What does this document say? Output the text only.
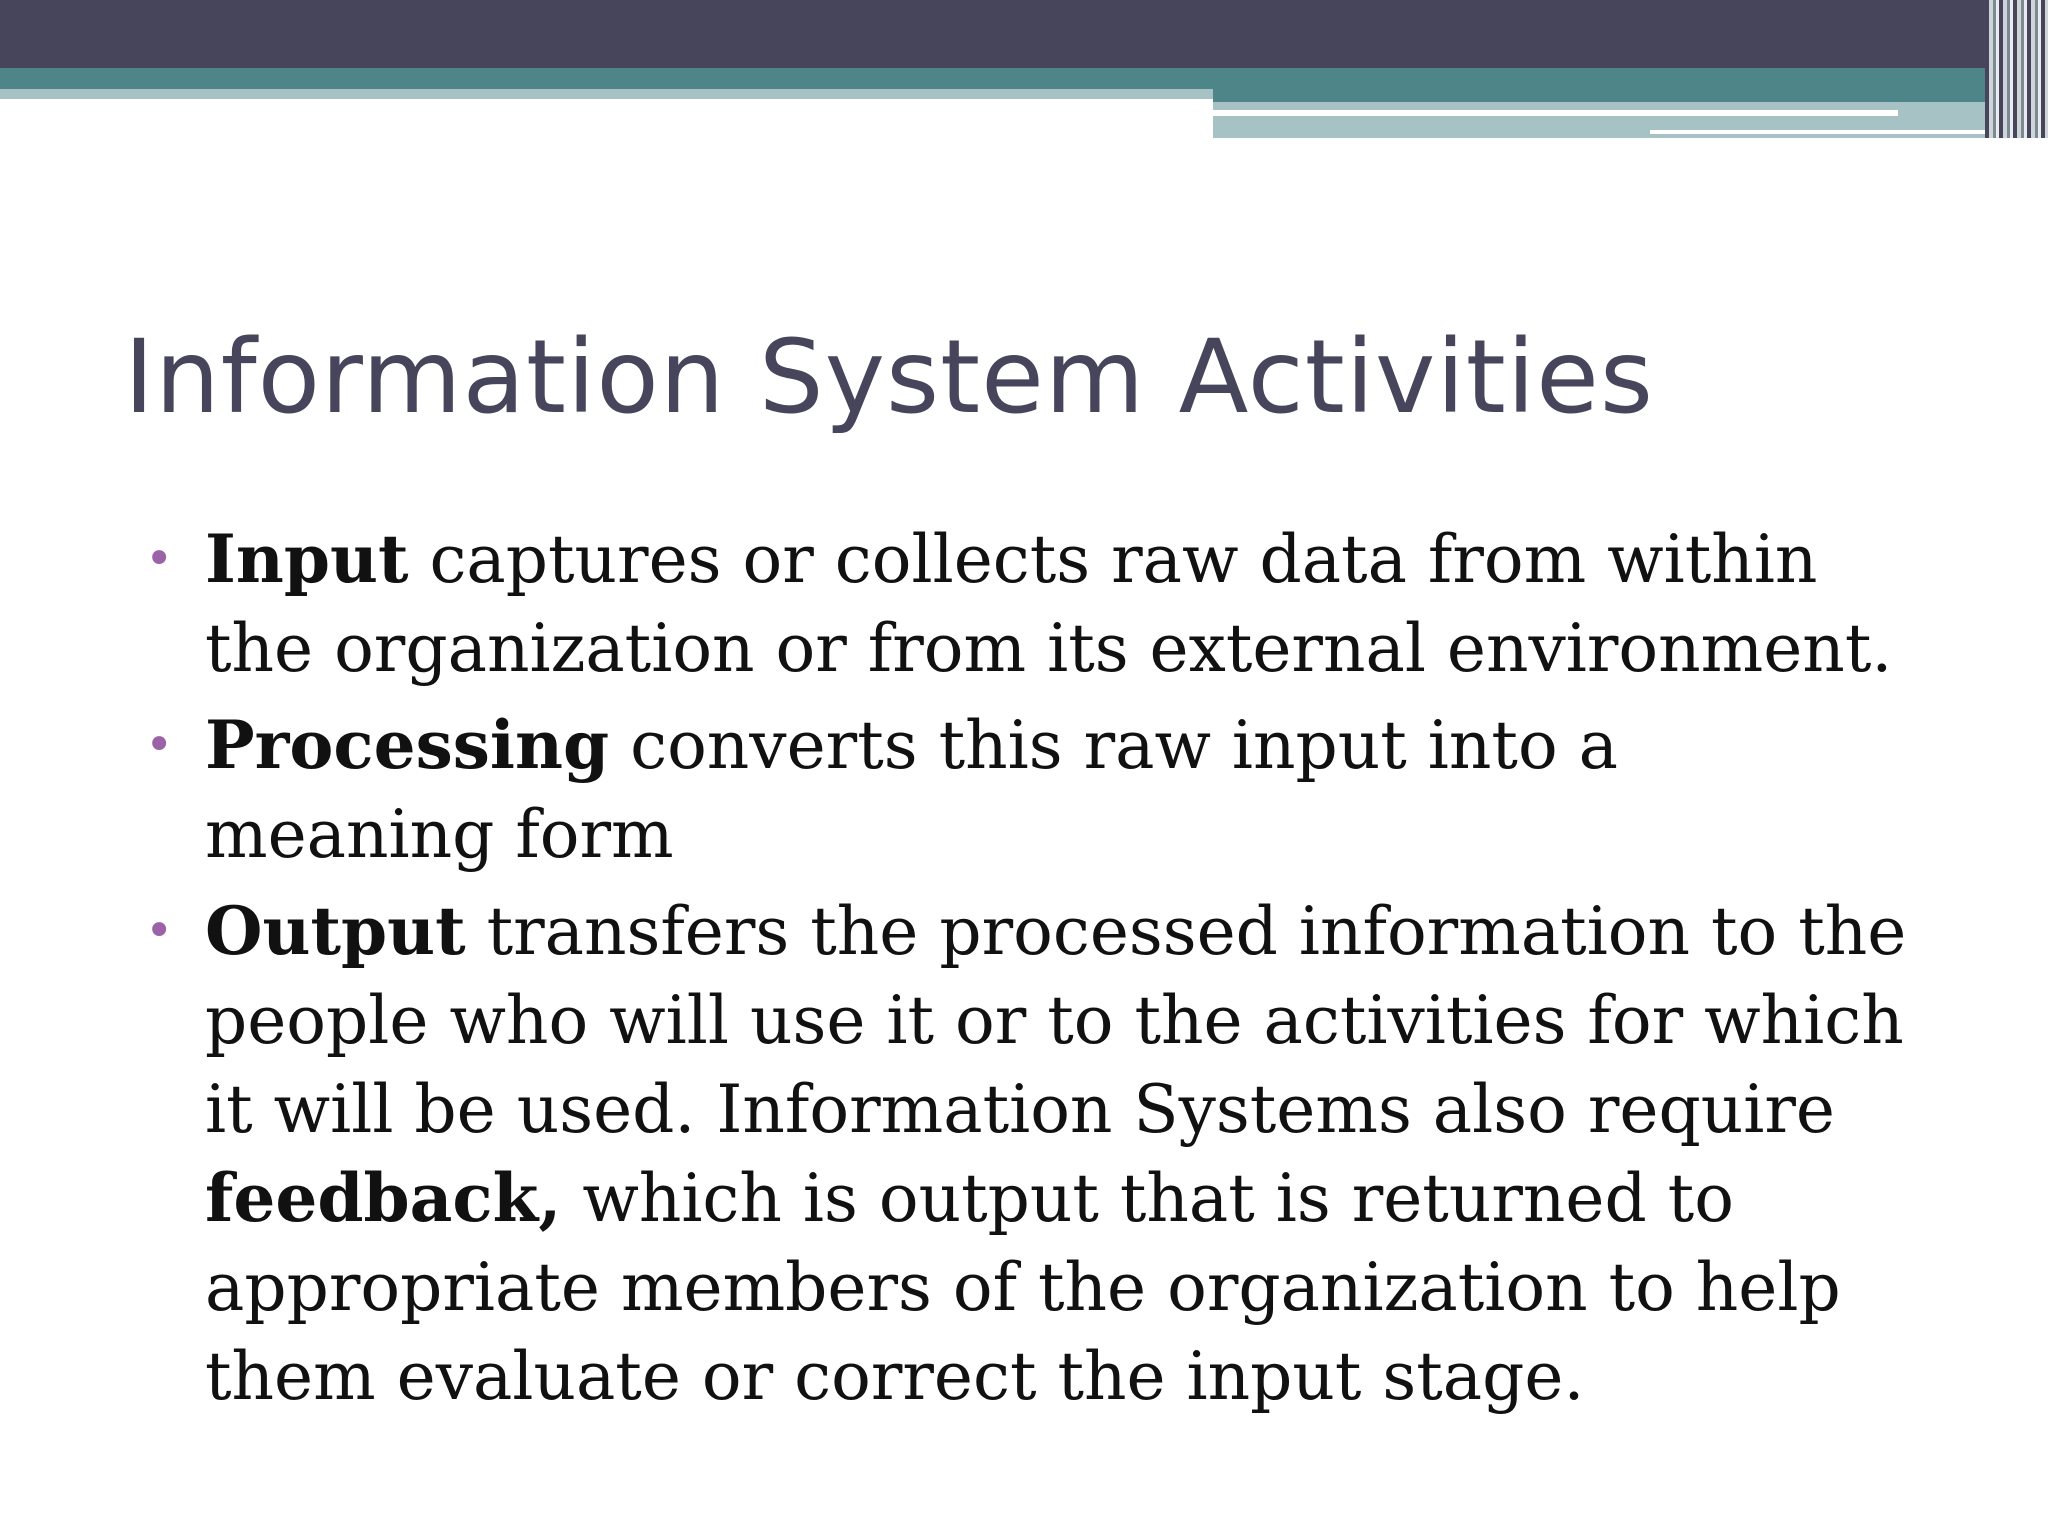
Information System Activities
• Input captures or collects raw data from within the organization or from its external environment.
• Processing converts this raw input into a meaning form
• Output transfers the processed information to the people who will use it or to the activities for which it will be used. Information Systems also require feedback, which is output that is returned to appropriate members of the organization to help them evaluate or correct the input stage.
